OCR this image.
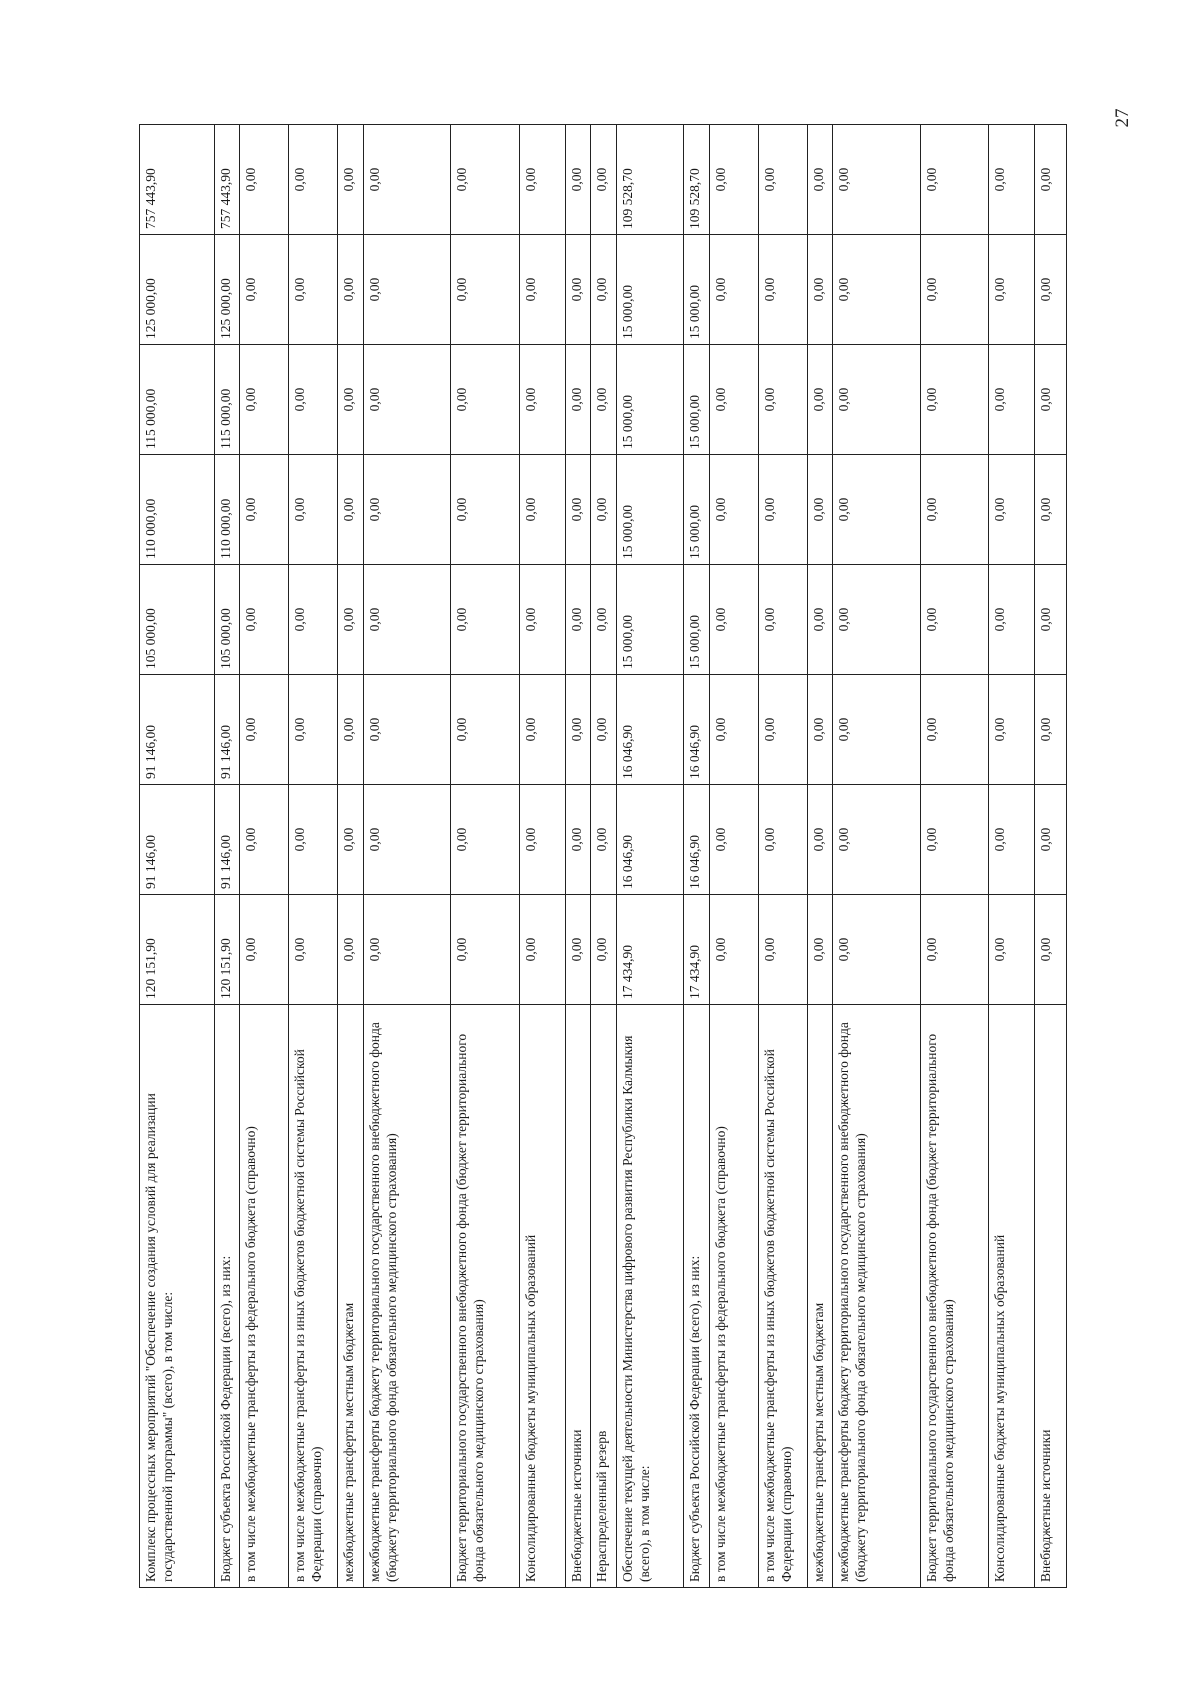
Комплекс процессных мероприятий "Обеспечение создания условий для реализации государственной программы" (всего), в том числе:	120 151,90	91 146,00	91 146,00	105 000,00	110 000,00	115 000,00	125 000,00	757 443,90
Бюджет субъекта Российской Федерации (всего), из них:	120 151,90	91 146,00	91 146,00	105 000,00	110 000,00	115 000,00	125 000,00	757 443,90
в том числе межбюджетные трансферты из федерального бюджета (справочно)	0,00	0,00	0,00	0,00	0,00	0,00	0,00	0,00
в том числе межбюджетные трансферты из иных бюджетов бюджетной системы Российской Федерации (справочно)	0,00	0,00	0,00	0,00	0,00	0,00	0,00	0,00
межбюджетные трансферты местным бюджетам	0,00	0,00	0,00	0,00	0,00	0,00	0,00	0,00
межбюджетные трансферты бюджету территориального государственного внебюджетного фонда (бюджету территориального фонда обязательного медицинского страхования)	0,00	0,00	0,00	0,00	0,00	0,00	0,00	0,00
Бюджет территориального государственного внебюджетного фонда (бюджет территориального фонда обязательного медицинского страхования)	0,00	0,00	0,00	0,00	0,00	0,00	0,00	0,00
Консолидированные бюджеты муниципальных образований	0,00	0,00	0,00	0,00	0,00	0,00	0,00	0,00
Внебюджетные источники	0,00	0,00	0,00	0,00	0,00	0,00	0,00	0,00
Нераспределенный резерв	0,00	0,00	0,00	0,00	0,00	0,00	0,00	0,00
Обеспечение текущей деятельности Министерства цифрового развития Республики Калмыкия (всего), в том числе:	17 434,90	16 046,90	16 046,90	15 000,00	15 000,00	15 000,00	15 000,00	109 528,70
Бюджет субъекта Российской Федерации (всего), из них:	17 434,90	16 046,90	16 046,90	15 000,00	15 000,00	15 000,00	15 000,00	109 528,70
в том числе межбюджетные трансферты из федерального бюджета (справочно)	0,00	0,00	0,00	0,00	0,00	0,00	0,00	0,00
в том числе межбюджетные трансферты из иных бюджетов бюджетной системы Российской Федерации (справочно)	0,00	0,00	0,00	0,00	0,00	0,00	0,00	0,00
межбюджетные трансферты местным бюджетам	0,00	0,00	0,00	0,00	0,00	0,00	0,00	0,00
межбюджетные трансферты бюджету территориального государственного внебюджетного фонда (бюджету территориального фонда обязательного медицинского страхования)	0,00	0,00	0,00	0,00	0,00	0,00	0,00	0,00
Бюджет территориального государственного внебюджетного фонда (бюджет территориального фонда обязательного медицинского страхования)	0,00	0,00	0,00	0,00	0,00	0,00	0,00	0,00
Консолидированные бюджеты муниципальных образований	0,00	0,00	0,00	0,00	0,00	0,00	0,00	0,00
Внебюджетные источники	0,00	0,00	0,00	0,00	0,00	0,00	0,00	0,00
27
